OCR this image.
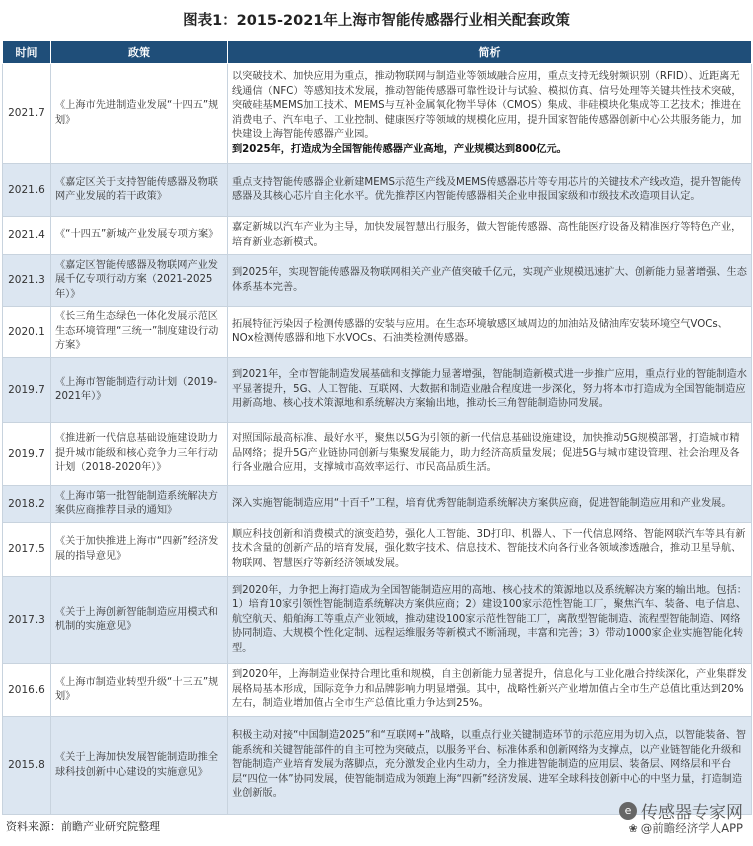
图表1：2015-2021年上海市智能传感器行业相关配套政策
时间	政策	简析
2021.7	《上海市先进制造业发展“十四五”规划》	以突破技术、加快应用为重点，推动物联网与制造业等领域融合应用，重点支持无线射频识别（RFID）、近距离无线通信（NFC）等感知技术发展，推动智能传感器可靠性设计与试验、模拟仿真、信号处理等关键共性技术突破，突破硅基MEMS加工技术、MEMS与互补金属氧化物半导体（CMOS）集成、非硅模块化集成等工艺技术；推进在消费电子、汽车电子、工业控制、健康医疗等领域的规模化应用，提升国家智能传感器创新中心公共服务能力，加快建设上海智能传感器产业园。
到2025年，打造成为全国智能传感器产业高地，产业规模达到800亿元。

2021.6	《嘉定区关于支持智能传感器及物联网产业发展的若干政策》	重点支持智能传感器企业新建MEMS示范生产线及MEMS传感器芯片等专用芯片的关键技术产线改造，提升智能传感器及其核心芯片自主化水平。优先推荐区内智能传感器相关企业申报国家级和市级技术改造项目认定。
2021.4	《“十四五”新城产业发展专项方案》	嘉定新城以汽车产业为主导，加快发展智慧出行服务，做大智能传感器、高性能医疗设备及精准医疗等特色产业，培育新业态新模式。
2021.3	《嘉定区智能传感器及物联网产业发展千亿专项行动方案（2021-2025年）》	到2025年，实现智能传感器及物联网相关产业产值突破千亿元，实现产业规模迅速扩大、创新能力显著增强、生态体系基本完善。
2020.1	《长三角生态绿色一体化发展示范区生态环境管理“三统一”制度建设行动方案》	拓展特征污染因子检测传感器的安装与应用。在生态环境敏感区域周边的加油站及储油库安装环境空气VOCs、NOx检测传感器和地下水VOCs、石油类检测传感器。
2019.7	《上海市智能制造行动计划（2019-2021年）》	到2021年，全市智能制造发展基础和支撑能力显著增强，智能制造新模式进一步推广应用，重点行业的智能制造水平显著提升，5G、人工智能、互联网、大数据和制造业融合程度进一步深化，努力将本市打造成为全国智能制造应用新高地、核心技术策源地和系统解决方案输出地，推动长三角智能制造协同发展。
2019.7	《推进新一代信息基础设施建设助力提升城市能级和核心竞争力三年行动计划（2018-2020年）》	对照国际最高标准、最好水平，聚焦以5G为引领的新一代信息基础设施建设，加快推动5G规模部署，打造城市精品网络；提升5G产业链协同创新与集聚发展能力，助力经济高质量发展；促进5G与城市建设管理、社会治理及各行各业融合应用，支撑城市高效率运行、市民高品质生活。
2018.2	《上海市第一批智能制造系统解决方案供应商推荐目录的通知》	深入实施智能制造应用“十百千”工程，培育优秀智能制造系统解决方案供应商，促进智能制造应用和产业发展。
2017.5	《关于加快推进上海市“四新”经济发展的指导意见》	顺应科技创新和消费模式的演变趋势，强化人工智能、3D打印、机器人、下一代信息网络、智能网联汽车等具有新技术含量的创新产品的培育发展，强化数字技术、信息技术、智能技术向各行业各领域渗透融合，推动卫星导航、物联网、智慧医疗等新经济领域发展。
2017.3	《关于上海创新智能制造应用模式和机制的实施意见》	到2020年，力争把上海打造成为全国智能制造应用的高地、核心技术的策源地以及系统解决方案的输出地。包括：1）培育10家引领性智能制造系统解决方案供应商；2）建设100家示范性智能工厂，聚焦汽车、装备、电子信息、航空航天、船舶海工等重点产业领域，推动建设100家示范性智能工厂，离散型智能制造、流程型智能制造、网络协同制造、大规模个性化定制、远程运维服务等新模式不断涌现，丰富和完善；3）带动1000家企业实施智能化转型。
2016.6	《上海市制造业转型升级“十三五”规划》	到2020年，上海制造业保持合理比重和规模，自主创新能力显著提升，信息化与工业化融合持续深化，产业集群发展格局基本形成，国际竞争力和品牌影响力明显增强。其中，战略性新兴产业增加值占全市生产总值比重达到20%左右，制造业增加值占全市生产总值比重力争达到25%。
2015.8	《关于上海加快发展智能制造助推全球科技创新中心建设的实施意见》	积极主动对接“中国制造2025”和“互联网+”战略，以重点行业关键制造环节的示范应用为切入点，以智能装备、智能系统和关键智能部件的自主可控为突破点，以服务平台、标准体系和创新网络为支撑点，以产业链智能化升级和智能制造产业培育发展为落脚点，充分激发企业内生动力，全力推进智能制造的应用层、装备层、网络层和平台层“四位一体”协同发展，使智能制造成为领跑上海“四新”经济发展、进军全球科技创新中心的中坚力量，打造制造业创新版。
e 传感器专家网
资料来源：前瞻产业研究院整理	❀ @前瞻经济学人APP
